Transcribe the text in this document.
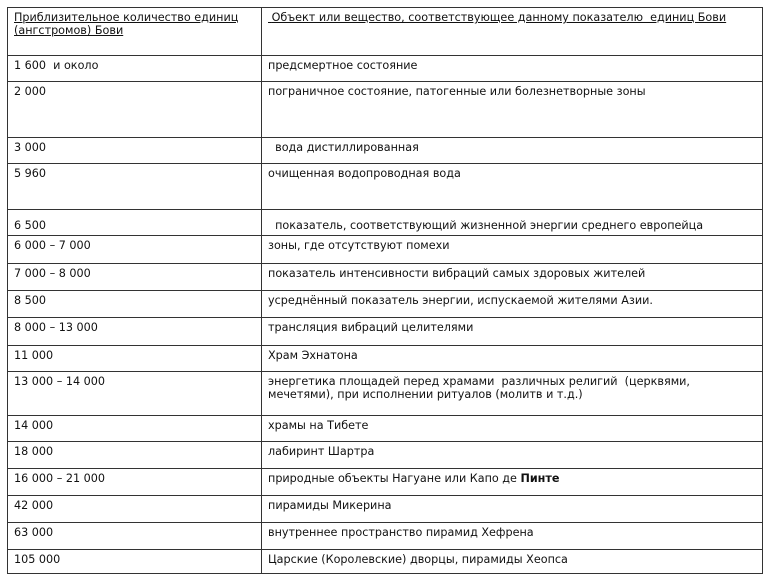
Приблизительное количество единиц (ангстромов) Бови	Объект или вещество, соответствующее данному показателю  единиц Бови
1 600  и около	предсмертное состояние
2 000	пограничное состояние, патогенные или болезнетворные зоны
3 000	вода дистиллированная
5 960	очищенная водопроводная вода
6 500	показатель, соответствующий жизненной энергии среднего европейца
6 000 – 7 000	зоны, где отсутствуют помехи
7 000 – 8 000	показатель интенсивности вибраций самых здоровых жителей
8 500	усреднённый показатель энергии, испускаемой жителями Азии.
8 000 – 13 000	трансляция вибраций целителями
11 000	Храм Эхнатона
13 000 – 14 000	энергетика площадей перед храмами  различных религий  (церквями, мечетями), при исполнении ритуалов (молитв и т.д.)
14 000	храмы на Тибете
18 000	лабиринт Шартра
16 000 – 21 000	природные объекты Нагуане или Капо де Пинте
42 000	пирамиды Микерина
63 000	внутреннее пространство пирамид Хефрена
105 000	Царские (Королевские) дворцы, пирамиды Хеопса
